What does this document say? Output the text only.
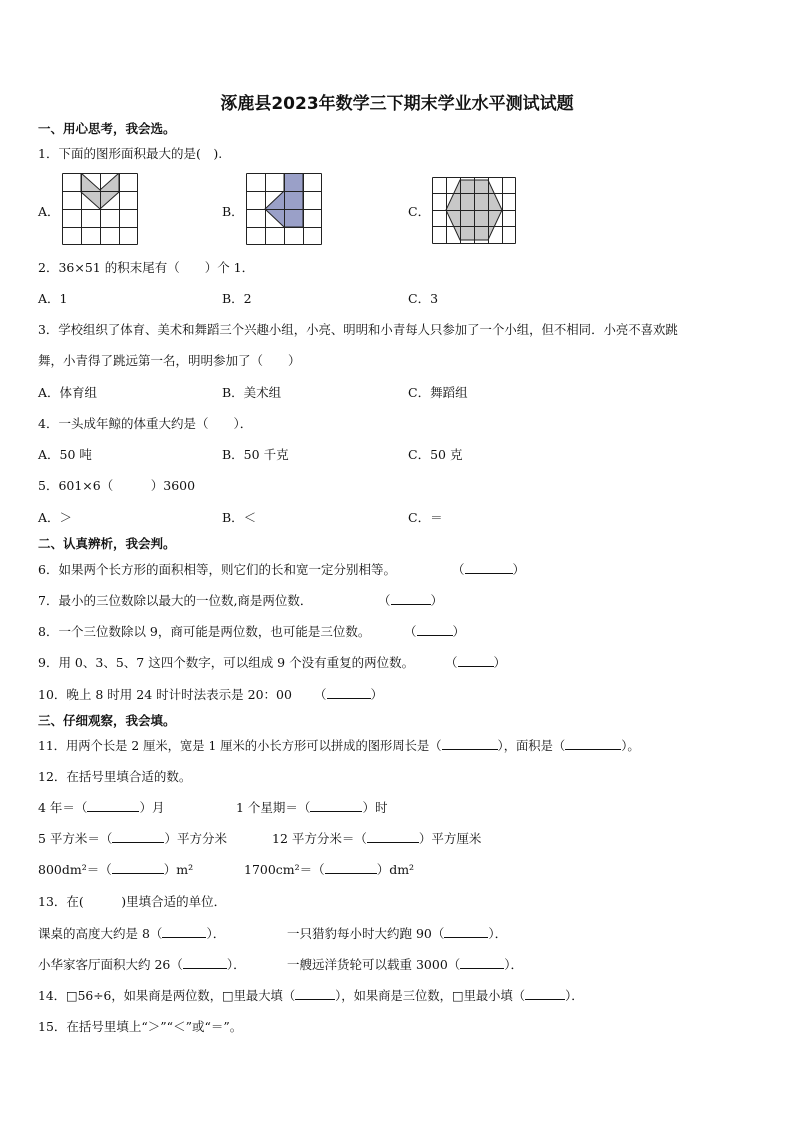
涿鹿县2023年数学三下期末学业水平测试试题
一、用心思考，我会选。
1．下面的图形面积最大的是(　).
A．	B．	C．
2．36×51 的积末尾有（　　）个 1．
A．1	B．2	C．3
3．学校组织了体育、美术和舞蹈三个兴趣小组，小亮、明明和小青每人只参加了一个小组，但不相同．小亮不喜欢跳
舞，小青得了跳远第一名，明明参加了（　　）
A．体育组	B．美术组	C．舞蹈组
4．一头成年鲸的体重大约是（　　）．
A．50 吨	B．50 千克	C．50 克
5．601×6（　　　）3600
A．＞	B．＜	C．＝
二、认真辨析，我会判。
6．如果两个长方形的面积相等，则它们的长和宽一定分别相等。	（	）
7．最小的三位数除以最大的一位数,商是两位数．	（	）
8．一个三位数除以 9，商可能是两位数，也可能是三位数。	（	）
9．用 0、3、5、7 这四个数字，可以组成 9 个没有重复的两位数。 （	）
10．晚上 8 时用 24 时计时法表示是 20：00 （	）
三、仔细观察，我会填。
11．用两个长是 2 厘米，宽是 1 厘米的小长方形可以拼成的图形周长是（	），面积是（	）。
12．在括号里填合适的数。
4 年＝（	）月	1 个星期＝（	）时
5 平方米＝（	）平方分米	12 平方分米＝（	）平方厘米
800dm²＝（	）m²	1700cm²＝（	）dm²
13．在(　　　)里填合适的单位．
课桌的高度大约是 8（	）．	一只猎豹每小时大约跑 90（	）．
小华家客厅面积大约 26（	）．	一艘远洋货轮可以载重 3000（	）．
14．□56÷6，如果商是两位数，□里最大填（	），如果商是三位数，□里最小填（	）．
15．在括号里填上“＞”“＜”或“＝”。
